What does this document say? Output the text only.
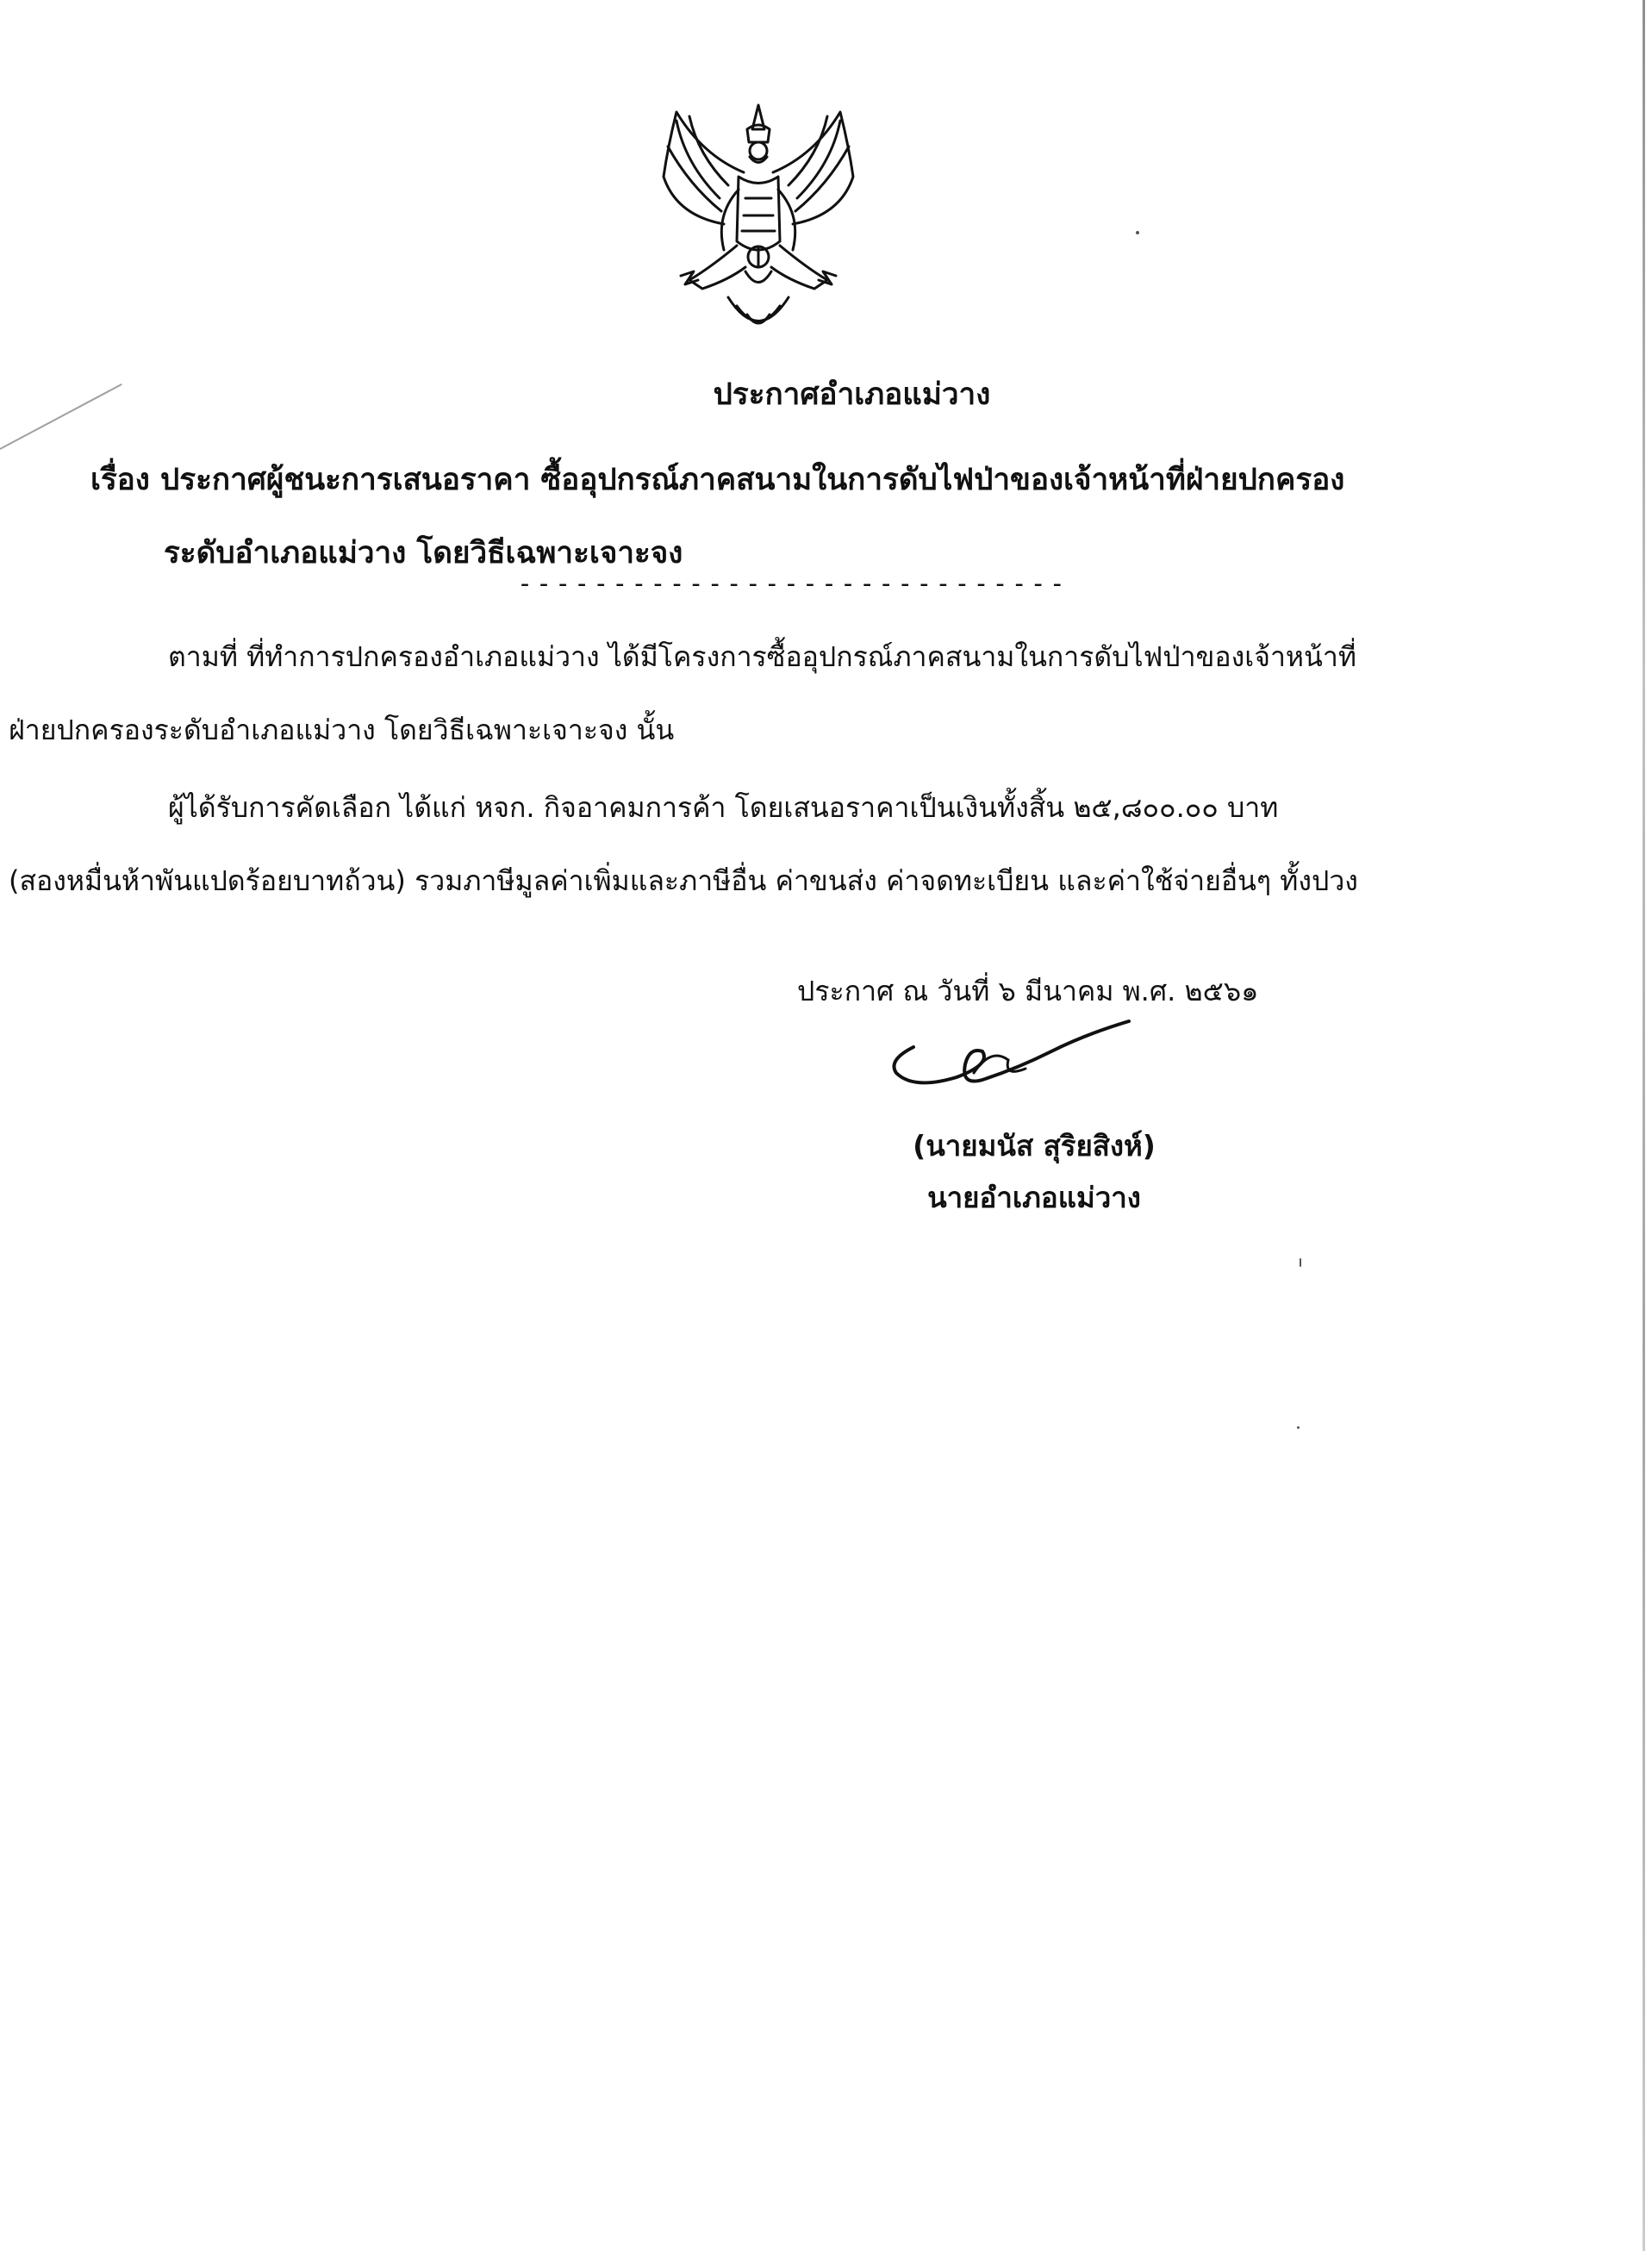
ประกาศอำเภอแม่วาง
เรื่อง ประกาศผู้ชนะการเสนอราคา ซื้ออุปกรณ์ภาคสนามในการดับไฟป่าของเจ้าหน้าที่ฝ่ายปกครอง
ระดับอำเภอแม่วาง โดยวิธีเฉพาะเจาะจง
-----------------------------
ตามที่ ที่ทำการปกครองอำเภอแม่วาง ได้มีโครงการซื้ออุปกรณ์ภาคสนามในการดับไฟป่าของเจ้าหน้าที่
ฝ่ายปกครองระดับอำเภอแม่วาง โดยวิธีเฉพาะเจาะจง นั้น
ผู้ได้รับการคัดเลือก ได้แก่ หจก. กิจอาคมการค้า โดยเสนอราคาเป็นเงินทั้งสิ้น ๒๕,๘๐๐.๐๐ บาท
(สองหมื่นห้าพันแปดร้อยบาทถ้วน) รวมภาษีมูลค่าเพิ่มและภาษีอื่น ค่าขนส่ง ค่าจดทะเบียน และค่าใช้จ่ายอื่นๆ ทั้งปวง
ประกาศ ณ วันที่ ๖ มีนาคม พ.ศ. ๒๕๖๑
(นายมนัส สุริยสิงห์)
นายอำเภอแม่วาง
